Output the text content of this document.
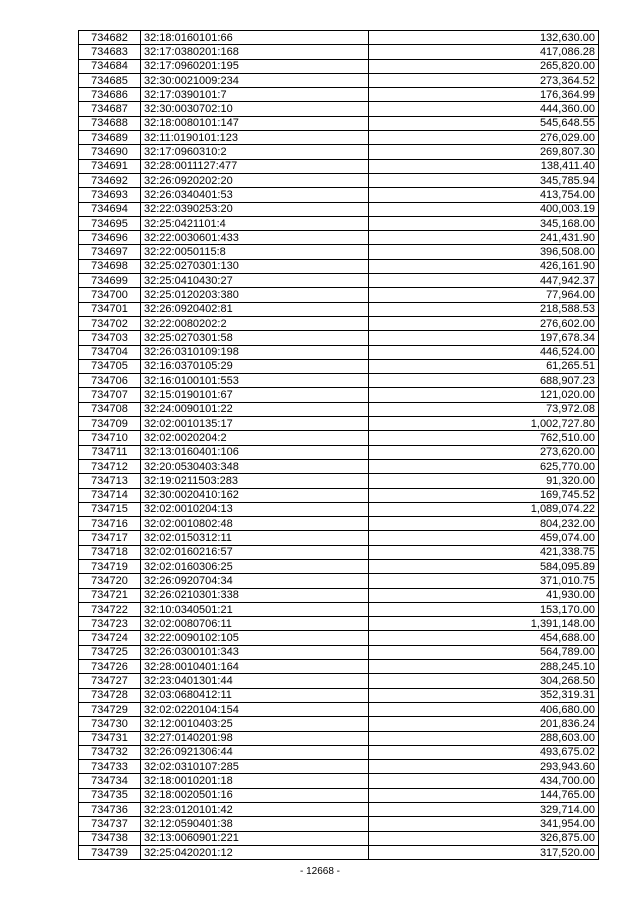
734682	32:18:0160101:66	132,630.00
734683	32:17:0380201:168	417,086.28
734684	32:17:0960201:195	265,820.00
734685	32:30:0021009:234	273,364.52
734686	32:17:0390101:7	176,364.99
734687	32:30:0030702:10	444,360.00
734688	32:18:0080101:147	545,648.55
734689	32:11:0190101:123	276,029.00
734690	32:17:0960310:2	269,807.30
734691	32:28:0011127:477	138,411.40
734692	32:26:0920202:20	345,785.94
734693	32:26:0340401:53	413,754.00
734694	32:22:0390253:20	400,003.19
734695	32:25:0421101:4	345,168.00
734696	32:22:0030601:433	241,431.90
734697	32:22:0050115:8	396,508.00
734698	32:25:0270301:130	426,161.90
734699	32:25:0410430:27	447,942.37
734700	32:25:0120203:380	77,964.00
734701	32:26:0920402:81	218,588.53
734702	32:22:0080202:2	276,602.00
734703	32:25:0270301:58	197,678.34
734704	32:26:0310109:198	446,524.00
734705	32:16:0370105:29	61,265.51
734706	32:16:0100101:553	688,907.23
734707	32:15:0190101:67	121,020.00
734708	32:24:0090101:22	73,972.08
734709	32:02:0010135:17	1,002,727.80
734710	32:02:0020204:2	762,510.00
734711	32:13:0160401:106	273,620.00
734712	32:20:0530403:348	625,770.00
734713	32:19:0211503:283	91,320.00
734714	32:30:0020410:162	169,745.52
734715	32:02:0010204:13	1,089,074.22
734716	32:02:0010802:48	804,232.00
734717	32:02:0150312:11	459,074.00
734718	32:02:0160216:57	421,338.75
734719	32:02:0160306:25	584,095.89
734720	32:26:0920704:34	371,010.75
734721	32:26:0210301:338	41,930.00
734722	32:10:0340501:21	153,170.00
734723	32:02:0080706:11	1,391,148.00
734724	32:22:0090102:105	454,688.00
734725	32:26:0300101:343	564,789.00
734726	32:28:0010401:164	288,245.10
734727	32:23:0401301:44	304,268.50
734728	32:03:0680412:11	352,319.31
734729	32:02:0220104:154	406,680.00
734730	32:12:0010403:25	201,836.24
734731	32:27:0140201:98	288,603.00
734732	32:26:0921306:44	493,675.02
734733	32:02:0310107:285	293,943.60
734734	32:18:0010201:18	434,700.00
734735	32:18:0020501:16	144,765.00
734736	32:23:0120101:42	329,714.00
734737	32:12:0590401:38	341,954.00
734738	32:13:0060901:221	326,875.00
734739	32:25:0420201:12	317,520.00
- 12668 -
